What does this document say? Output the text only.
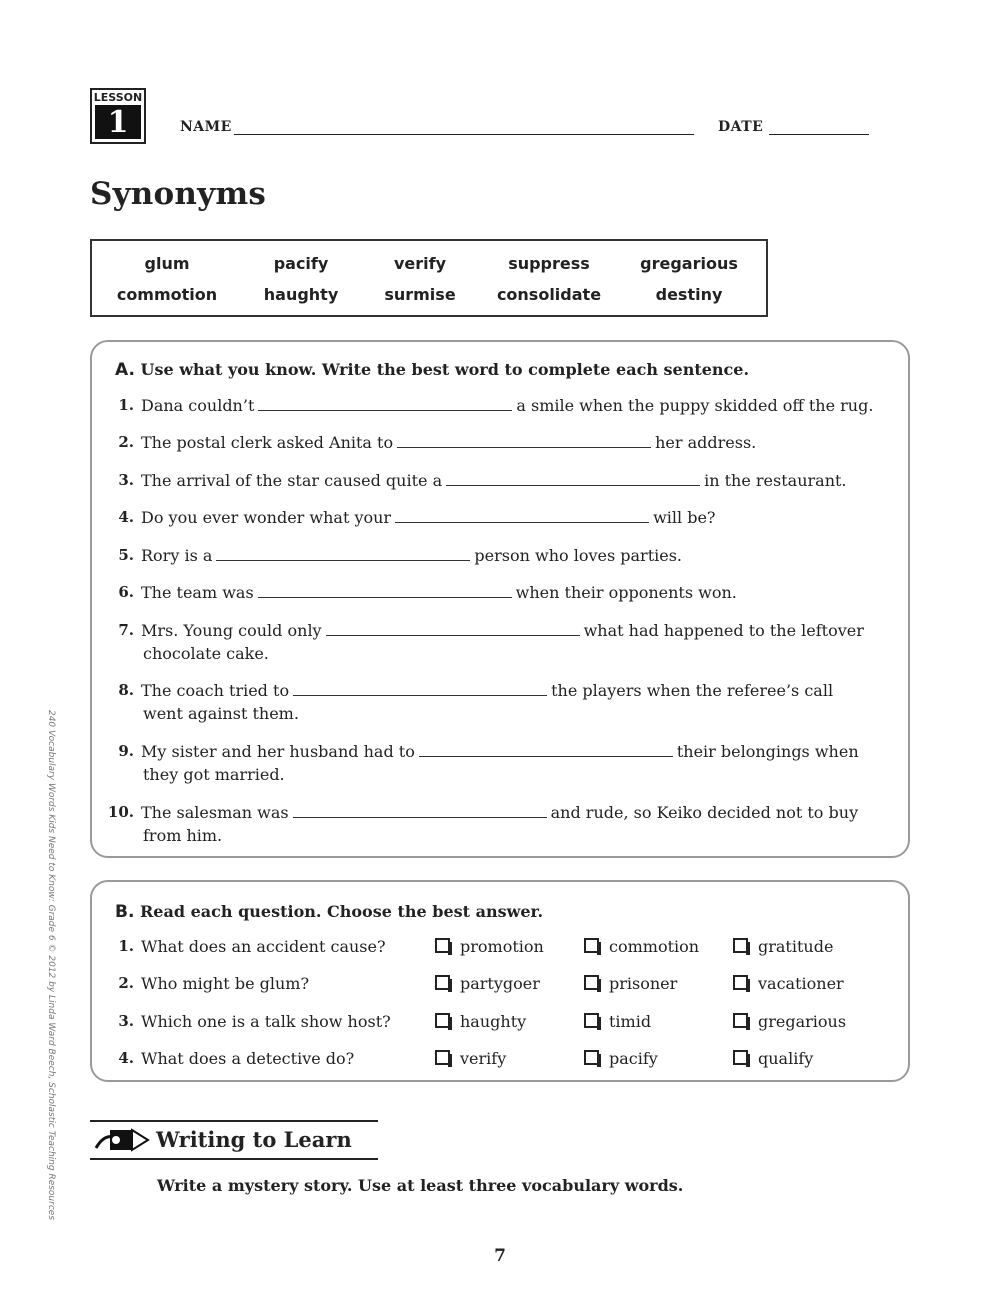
LESSON
1	NAME	DATE
Synonyms
glum	pacify	verify	suppress	gregarious
commotion	haughty	surmise	consolidate	destiny
A. Use what you know. Write the best word to complete each sentence.
1. Dana couldn’t	a smile when the puppy skidded off the rug.
2. The postal clerk asked Anita to	her address.
3. The arrival of the star caused quite a	in the restaurant.
4. Do you ever wonder what your	will be?
5. Rory is a	person who loves parties.
6. The team was	when their opponents won.
7. Mrs. Young could only	what had happened to the leftover
chocolate cake.
8. The coach tried to	the players when the referee’s call
went against them.
9. My sister and her husband had to	their belongings when
they got married.
10. The salesman was	and rude, so Keiko decided not to buy
from him.
B. Read each question. Choose the best answer.
1. What does an accident cause?	promotion	commotion	gratitude
2. Who might be glum?	partygoer	prisoner	vacationer
3. Which one is a talk show host?	haughty	timid	gregarious
4. What does a detective do?	verify	pacify	qualify
Writing to Learn
Write a mystery story. Use at least three vocabulary words.
240 Vocabulary Words Kids Need to Know: Grade 6 © 2012 by Linda Ward Beech, Scholastic Teaching Resources
7
